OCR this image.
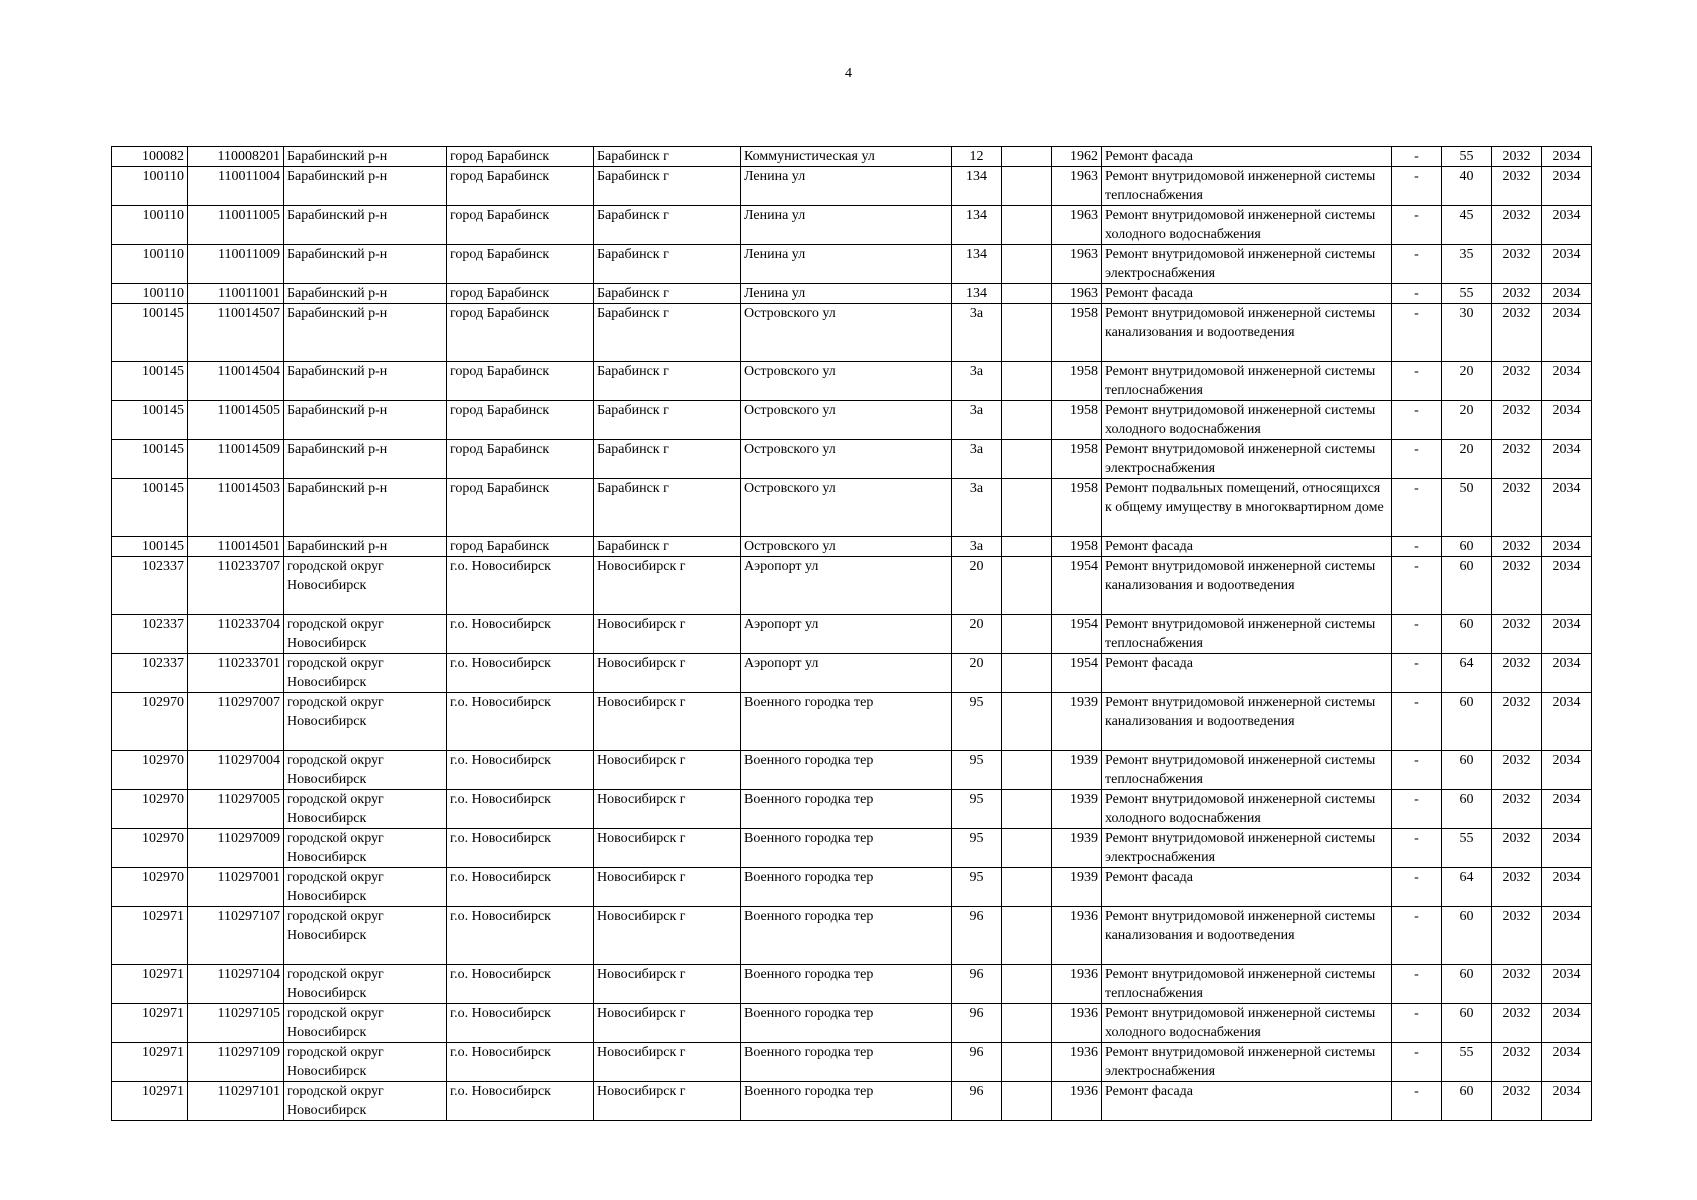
4
100082	110008201	Барабинский р-н	город Барабинск	Барабинск г	Коммунистическая ул	12		1962	Ремонт фасада	-	55	2032	2034
100110	110011004	Барабинский р-н	город Барабинск	Барабинск г	Ленина ул	134		1963	Ремонт внутридомовой инженерной системы теплоснабжения	-	40	2032	2034
100110	110011005	Барабинский р-н	город Барабинск	Барабинск г	Ленина ул	134		1963	Ремонт внутридомовой инженерной системы холодного водоснабжения	-	45	2032	2034
100110	110011009	Барабинский р-н	город Барабинск	Барабинск г	Ленина ул	134		1963	Ремонт внутридомовой инженерной системы электроснабжения	-	35	2032	2034
100110	110011001	Барабинский р-н	город Барабинск	Барабинск г	Ленина ул	134		1963	Ремонт фасада	-	55	2032	2034
100145	110014507	Барабинский р-н	город Барабинск	Барабинск г	Островского ул	3а		1958	Ремонт внутридомовой инженерной системы канализования и водоотведения	-	30	2032	2034
100145	110014504	Барабинский р-н	город Барабинск	Барабинск г	Островского ул	3а		1958	Ремонт внутридомовой инженерной системы теплоснабжения	-	20	2032	2034
100145	110014505	Барабинский р-н	город Барабинск	Барабинск г	Островского ул	3а		1958	Ремонт внутридомовой инженерной системы холодного водоснабжения	-	20	2032	2034
100145	110014509	Барабинский р-н	город Барабинск	Барабинск г	Островского ул	3а		1958	Ремонт внутридомовой инженерной системы электроснабжения	-	20	2032	2034
100145	110014503	Барабинский р-н	город Барабинск	Барабинск г	Островского ул	3а		1958	Ремонт подвальных помещений, относящихся к общему имуществу в многоквартирном доме	-	50	2032	2034
100145	110014501	Барабинский р-н	город Барабинск	Барабинск г	Островского ул	3а		1958	Ремонт фасада	-	60	2032	2034
102337	110233707	городской округ Новосибирск	г.о. Новосибирск	Новосибирск г	Аэропорт ул	20		1954	Ремонт внутридомовой инженерной системы канализования и водоотведения	-	60	2032	2034
102337	110233704	городской округ Новосибирск	г.о. Новосибирск	Новосибирск г	Аэропорт ул	20		1954	Ремонт внутридомовой инженерной системы теплоснабжения	-	60	2032	2034
102337	110233701	городской округ Новосибирск	г.о. Новосибирск	Новосибирск г	Аэропорт ул	20		1954	Ремонт фасада	-	64	2032	2034
102970	110297007	городской округ Новосибирск	г.о. Новосибирск	Новосибирск г	Военного городка тер	95		1939	Ремонт внутридомовой инженерной системы канализования и водоотведения	-	60	2032	2034
102970	110297004	городской округ Новосибирск	г.о. Новосибирск	Новосибирск г	Военного городка тер	95		1939	Ремонт внутридомовой инженерной системы теплоснабжения	-	60	2032	2034
102970	110297005	городской округ Новосибирск	г.о. Новосибирск	Новосибирск г	Военного городка тер	95		1939	Ремонт внутридомовой инженерной системы холодного водоснабжения	-	60	2032	2034
102970	110297009	городской округ Новосибирск	г.о. Новосибирск	Новосибирск г	Военного городка тер	95		1939	Ремонт внутридомовой инженерной системы электроснабжения	-	55	2032	2034
102970	110297001	городской округ Новосибирск	г.о. Новосибирск	Новосибирск г	Военного городка тер	95		1939	Ремонт фасада	-	64	2032	2034
102971	110297107	городской округ Новосибирск	г.о. Новосибирск	Новосибирск г	Военного городка тер	96		1936	Ремонт внутридомовой инженерной системы канализования и водоотведения	-	60	2032	2034
102971	110297104	городской округ Новосибирск	г.о. Новосибирск	Новосибирск г	Военного городка тер	96		1936	Ремонт внутридомовой инженерной системы теплоснабжения	-	60	2032	2034
102971	110297105	городской округ Новосибирск	г.о. Новосибирск	Новосибирск г	Военного городка тер	96		1936	Ремонт внутридомовой инженерной системы холодного водоснабжения	-	60	2032	2034
102971	110297109	городской округ Новосибирск	г.о. Новосибирск	Новосибирск г	Военного городка тер	96		1936	Ремонт внутридомовой инженерной системы электроснабжения	-	55	2032	2034
102971	110297101	городской округ Новосибирск	г.о. Новосибирск	Новосибирск г	Военного городка тер	96		1936	Ремонт фасада	-	60	2032	2034
